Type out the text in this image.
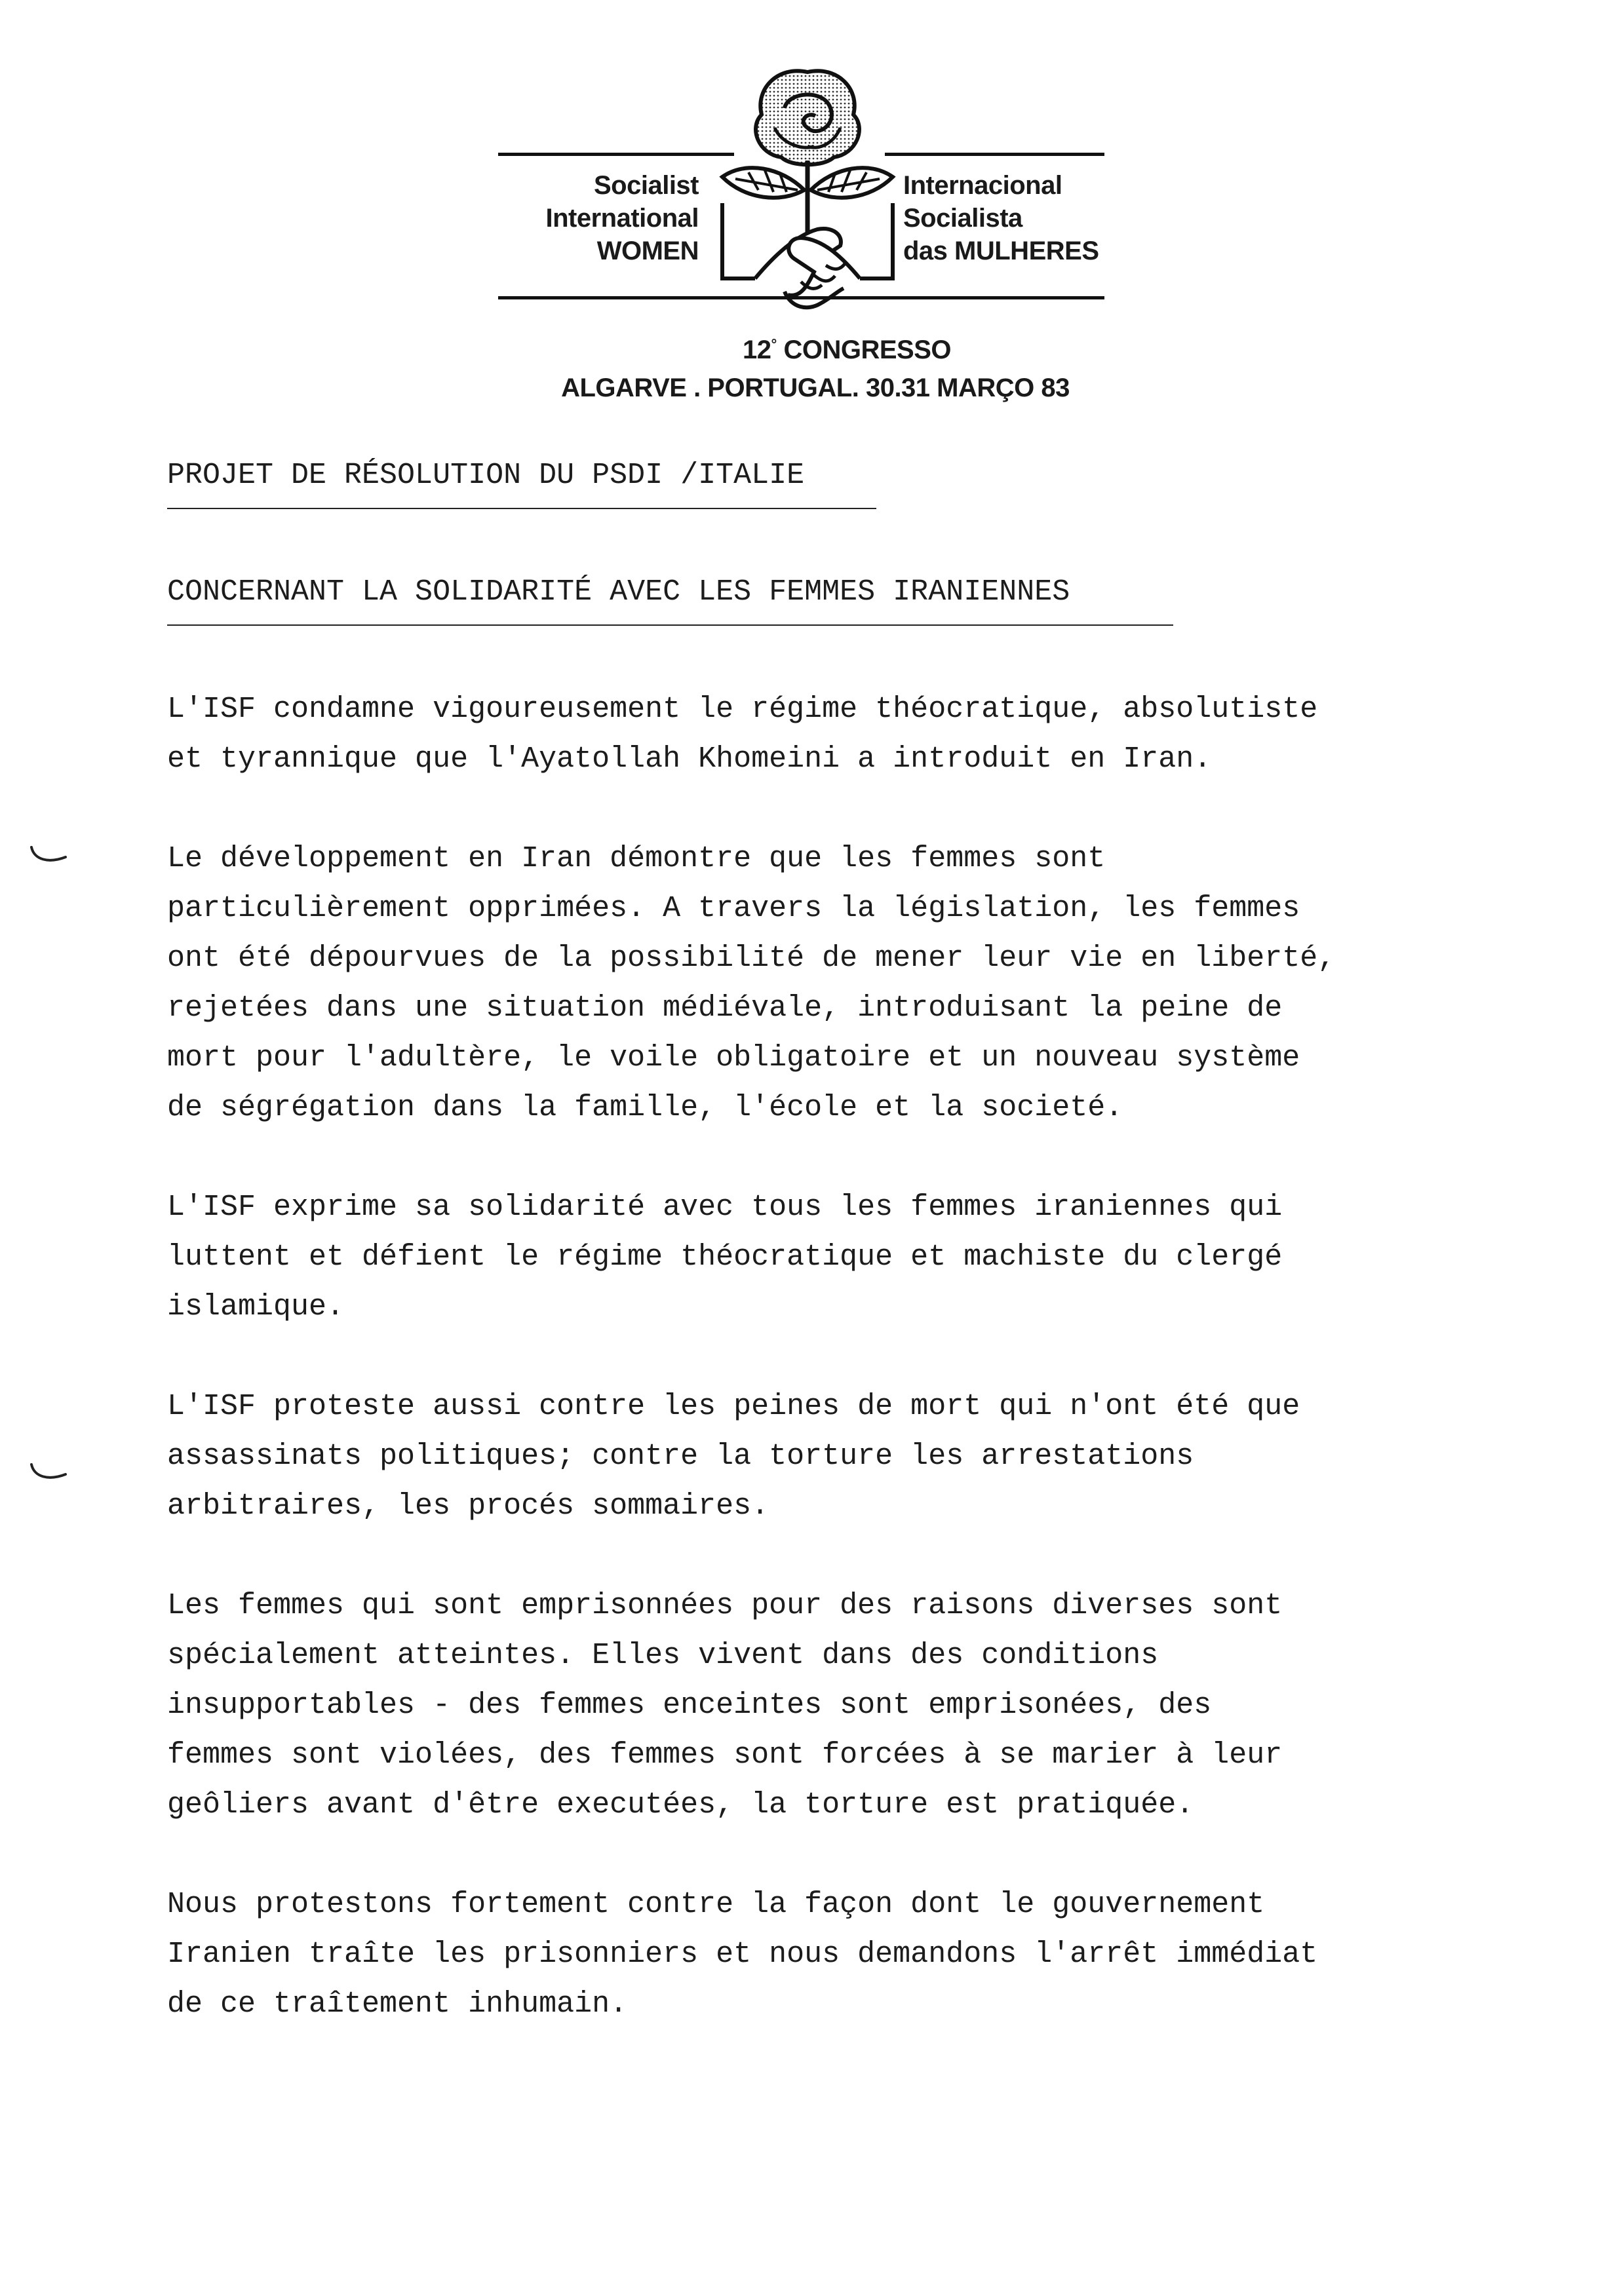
Socialist
International
WOMEN
Internacional
Socialista
das MULHERES
12° CONGRESSO
ALGARVE . PORTUGAL. 30.31 MARÇO 83
PROJET DE RÉSOLUTION DU PSDI /ITALIE
CONCERNANT LA SOLIDARITÉ AVEC LES FEMMES IRANIENNES

L'ISF condamne vigoureusement le régime théocratique, absolutiste
et tyrannique que l'Ayatollah Khomeini a introduit en Iran.

Le développement en Iran démontre que les femmes sont
particulièrement opprimées. A travers la législation, les femmes
ont été dépourvues de la possibilité de mener leur vie en liberté,
rejetées dans une situation médiévale, introduisant la peine de
mort pour l'adultère, le voile obligatoire et un nouveau système
de ségrégation dans la famille, l'école et la societé.

L'ISF exprime sa solidarité avec tous les femmes iraniennes qui
luttent et défient le régime théocratique et machiste du clergé
islamique.

L'ISF proteste aussi contre les peines de mort qui n'ont été que
assassinats politiques; contre la torture les arrestations
arbitraires, les procés sommaires.

Les femmes qui sont emprisonnées pour des raisons diverses sont
spécialement atteintes. Elles vivent dans des conditions
insupportables - des femmes enceintes sont emprisonées, des
femmes sont violées, des femmes sont forcées à se marier à leur
geôliers avant d'être executées, la torture est pratiquée.

Nous protestons fortement contre la façon dont le gouvernement
Iranien traîte les prisonniers et nous demandons l'arrêt immédiat
de ce traîtement inhumain.
